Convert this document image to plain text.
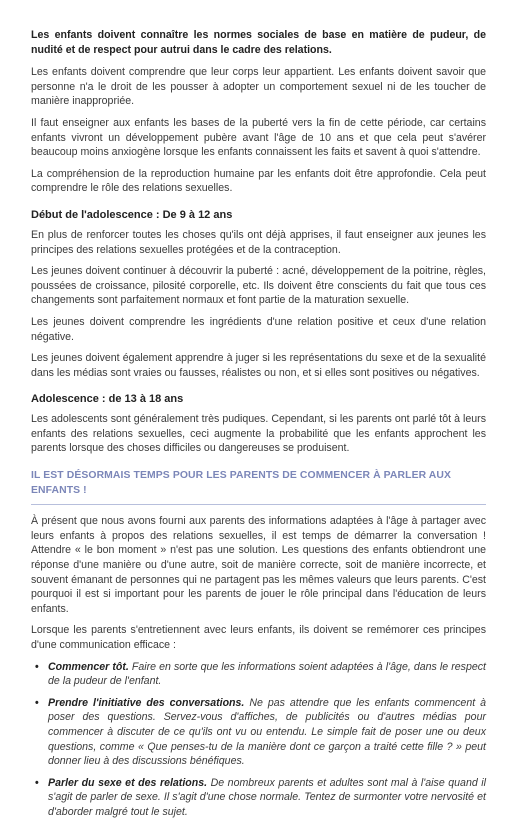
Les enfants doivent connaître les normes sociales de base en matière de pudeur, de nudité et de respect pour autrui dans le cadre des relations.

Les enfants doivent comprendre que leur corps leur appartient. Les enfants doivent savoir que personne n'a le droit de les pousser à adopter un comportement sexuel ni de les toucher de manière inappropriée.

Il faut enseigner aux enfants les bases de la puberté vers la fin de cette période, car certains enfants vivront un développement pubère avant l'âge de 10 ans et que cela peut s'avérer beaucoup moins anxiogène lorsque les enfants connaissent les faits et savent à quoi s'attendre.

La compréhension de la reproduction humaine par les enfants doit être approfondie. Cela peut comprendre le rôle des relations sexuelles.

Début de l'adolescence : De 9 à 12 ans

En plus de renforcer toutes les choses qu'ils ont déjà apprises, il faut enseigner aux jeunes les principes des relations sexuelles protégées et de la contraception.

Les jeunes doivent continuer à découvrir la puberté : acné, développement de la poitrine, règles, poussées de croissance, pilosité corporelle, etc. Ils doivent être conscients du fait que tous ces changements sont parfaitement normaux et font partie de la maturation sexuelle.

Les jeunes doivent comprendre les ingrédients d'une relation positive et ceux d'une relation négative.

Les jeunes doivent également apprendre à juger si les représentations du sexe et de la sexualité dans les médias sont vraies ou fausses, réalistes ou non, et si elles sont positives ou négatives.

Adolescence : de 13 à 18 ans

Les adolescents sont généralement très pudiques. Cependant, si les parents ont parlé tôt à leurs enfants des relations sexuelles, ceci augmente la probabilité que les enfants approchent les parents lorsque des choses difficiles ou dangereuses se produisent.

IL EST DÉSORMAIS TEMPS POUR LES PARENTS DE COMMENCER À PARLER AUX ENFANTS !

À présent que nous avons fourni aux parents des informations adaptées à l'âge à partager avec leurs enfants à propos des relations sexuelles, il est temps de démarrer la conversation ! Attendre « le bon moment » n'est pas une solution. Les questions des enfants obtiendront une réponse d'une manière ou d'une autre, soit de manière correcte, soit de manière incorrecte, et souvent émanant de personnes qui ne partagent pas les mêmes valeurs que leurs parents. C'est pourquoi il est si important pour les parents de jouer le rôle principal dans l'éducation de leurs enfants.

Lorsque les parents s'entretiennent avec leurs enfants, ils doivent se remémorer ces principes d'une communication efficace :

• Commencer tôt. Faire en sorte que les informations soient adaptées à l'âge, dans le respect de la pudeur de l'enfant.
• Prendre l'initiative des conversations. Ne pas attendre que les enfants commencent à poser des questions. Servez-vous d'affiches, de publicités ou d'autres médias pour commencer à discuter de ce qu'ils ont vu ou entendu. Le simple fait de poser une ou deux questions, comme « Que penses-tu de la manière dont ce garçon a traité cette fille ? » peut donner lieu à des discussions bénéfiques.
• Parler du sexe et des relations. De nombreux parents et adultes sont mal à l'aise quand il s'agit de parler de sexe. Il s'agit d'une chose normale. Tentez de surmonter votre nervosité et d'aborder malgré tout le sujet.
